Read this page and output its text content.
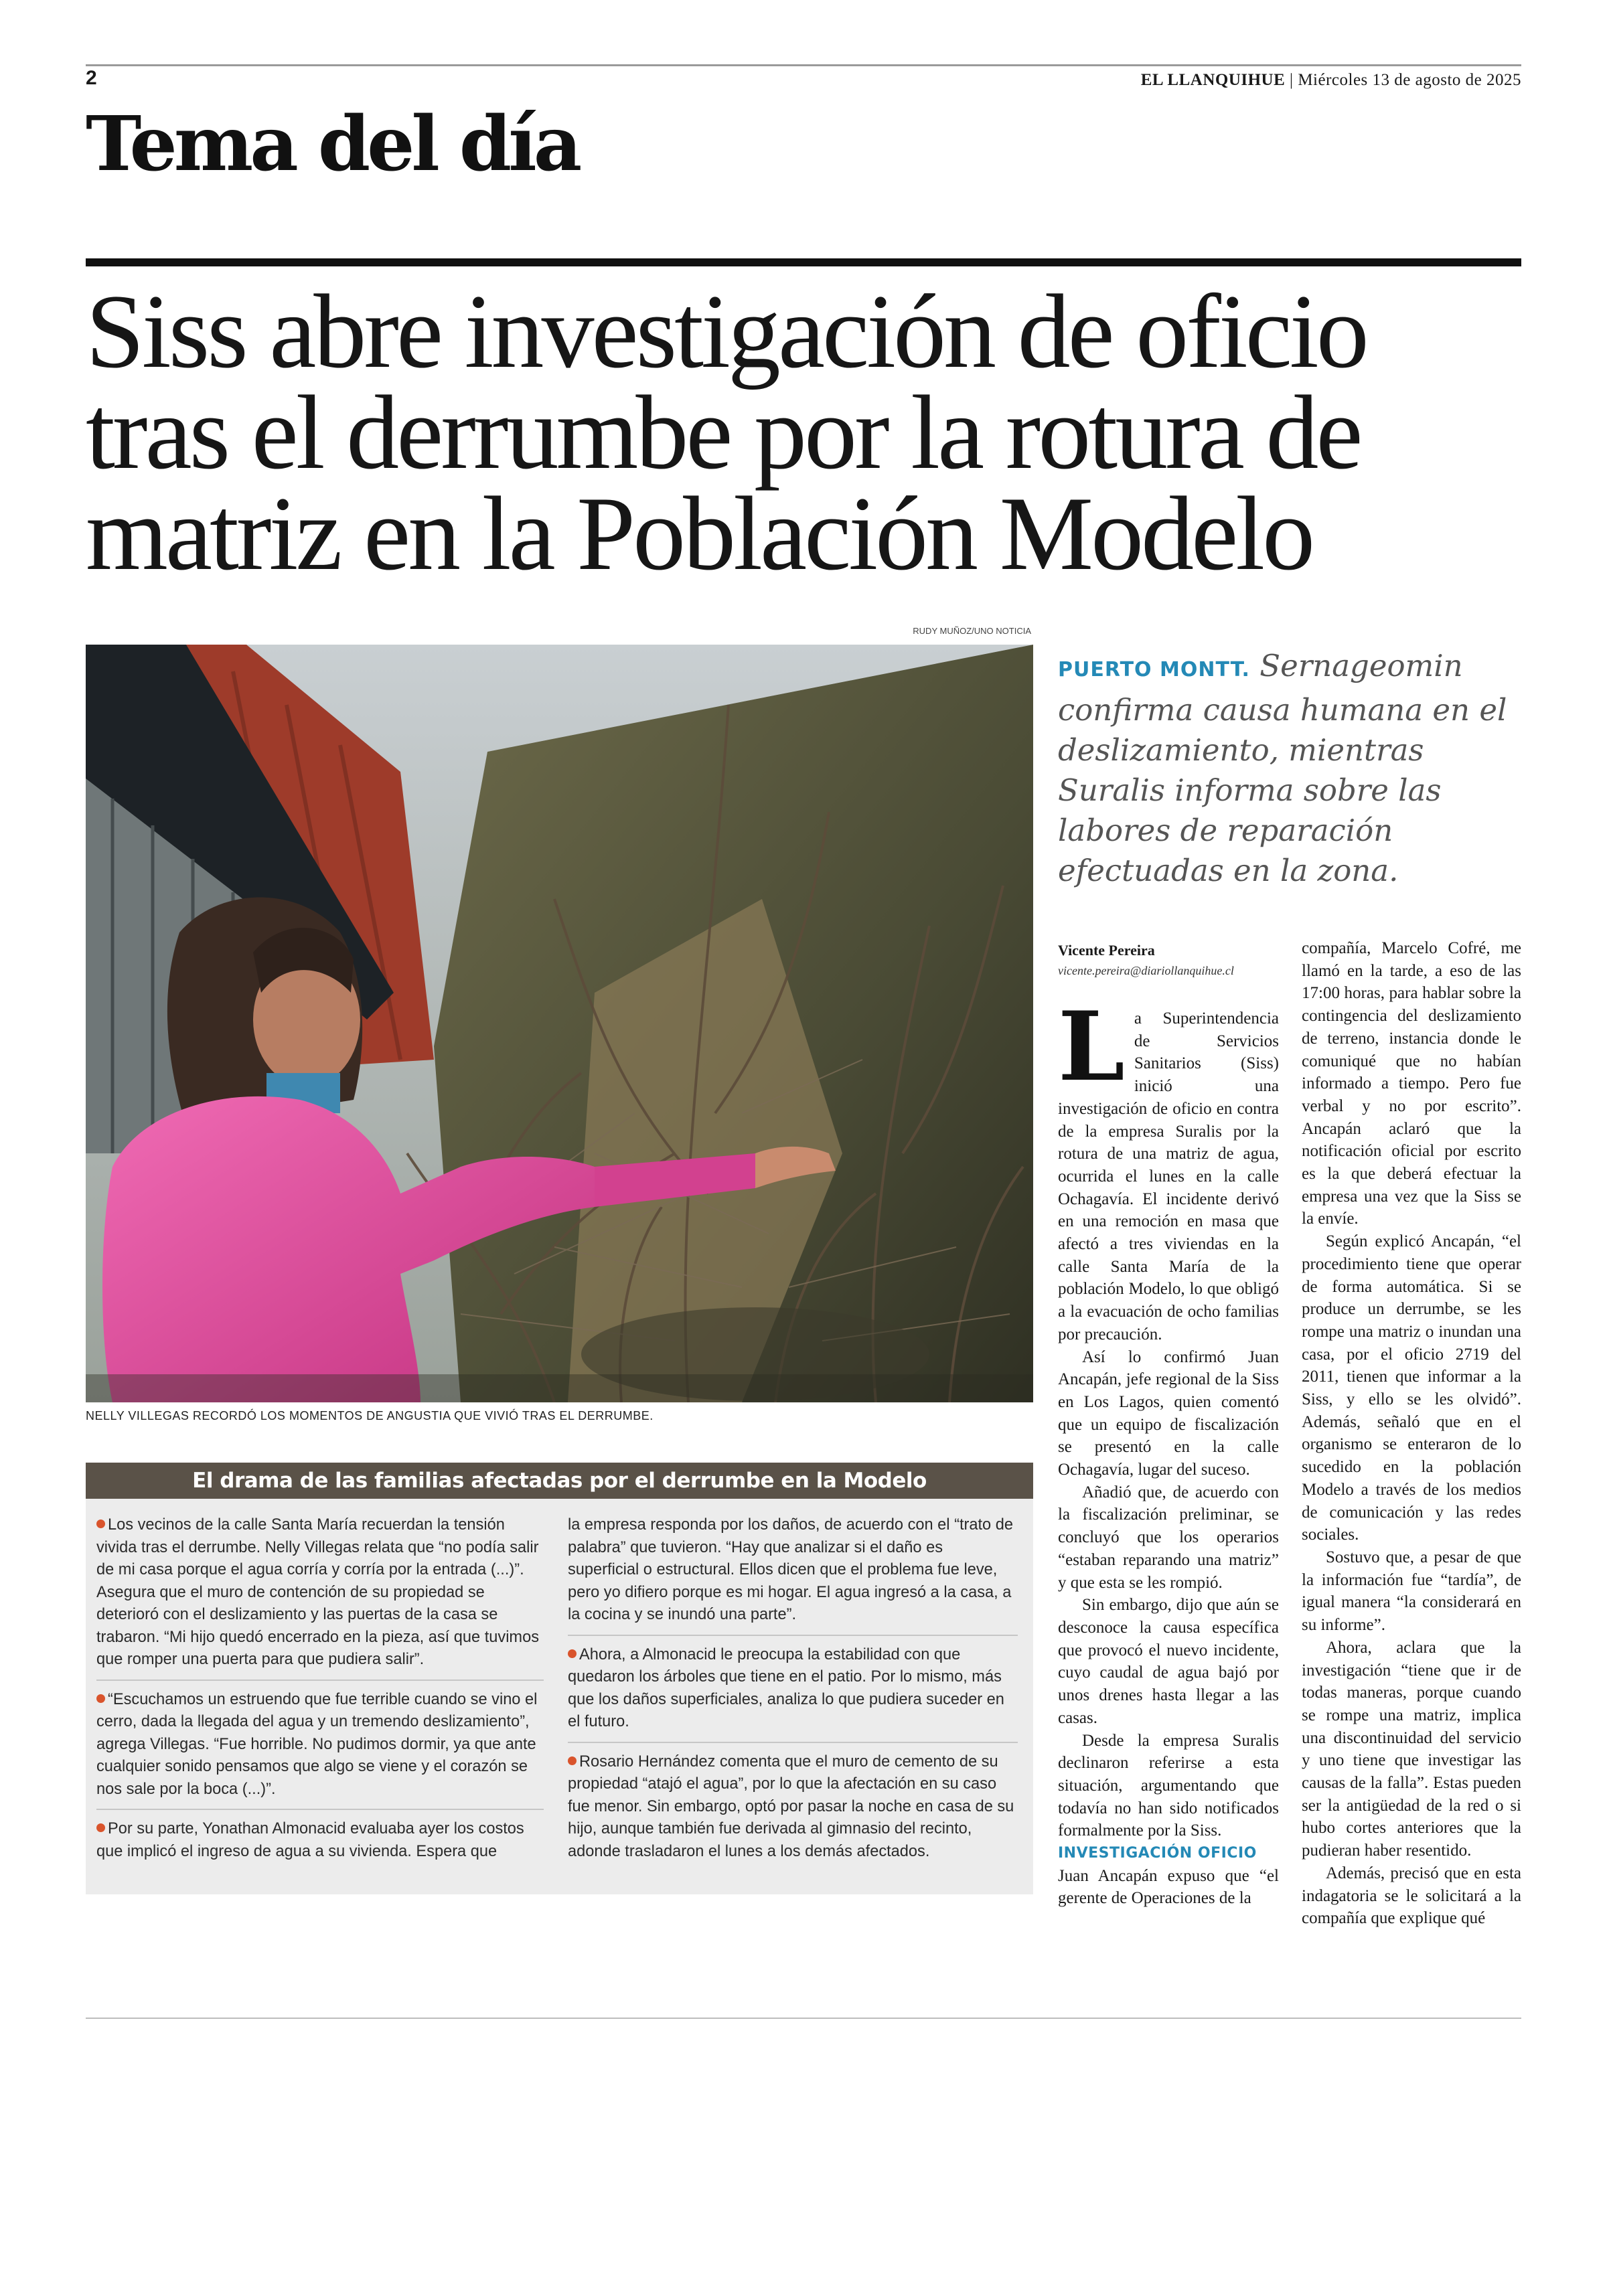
2	EL LLANQUIHUE | Miércoles 13 de agosto de 2025
Tema del día
Siss abre investigación de oficio tras el derrumbe por la rotura de matriz en la Población Modelo
RUDY MUÑOZ/UNO NOTICIA
NELLY VILLEGAS RECORDÓ LOS MOMENTOS DE ANGUSTIA QUE VIVIÓ TRAS EL DERRUMBE.
PUERTO MONTT. Sernageomin confirma causa humana en el deslizamiento, mientras Suralis informa sobre las labores de reparación efectuadas en la zona.
Vicente Pereira
vicente.pereira@diariollanquihue.cl

La Superintendencia de Servicios Sanitarios (Siss) inició una investigación de oficio en contra de la empresa Suralis por la rotura de una matriz de agua, ocurrida el lunes en la calle Ochagavía. El incidente derivó en una remoción en masa que afectó a tres viviendas en la calle Santa María de la población Modelo, lo que obligó a la evacuación de ocho familias por precaución.

Así lo confirmó Juan Ancapán, jefe regional de la Siss en Los Lagos, quien comentó que un equipo de fiscalización se presentó en la calle Ochagavía, lugar del suceso.

Añadió que, de acuerdo con la fiscalización preliminar, se concluyó que los operarios “estaban reparando una matriz” y que esta se les rompió.

Sin embargo, dijo que aún se desconoce la causa específica que provocó el nuevo incidente, cuyo caudal de agua bajó por unos drenes hasta llegar a las casas.

Desde la empresa Suralis declinaron referirse a esta situación, argumentando que todavía no han sido notificados formalmente por la Siss.

INVESTIGACIÓN OFICIO

Juan Ancapán expuso que “el gerente de Operaciones de la

compañía, Marcelo Cofré, me llamó en la tarde, a eso de las 17:00 horas, para hablar sobre la contingencia del deslizamiento de terreno, instancia donde le comuniqué que no habían informado a tiempo. Pero fue verbal y no por escrito”. Ancapán aclaró que la notificación oficial por escrito es la que deberá efectuar la empresa una vez que la Siss se la envíe.

Según explicó Ancapán, “el procedimiento tiene que operar de forma automática. Si se produce un derrumbe, se les rompe una matriz o inundan una casa, por el oficio 2719 del 2011, tienen que informar a la Siss, y ello se les olvidó”. Además, señaló que en el organismo se enteraron de lo sucedido en la población Modelo a través de los medios de comunicación y las redes sociales.

Sostuvo que, a pesar de que la información fue “tardía”, de igual manera “la considerará en su informe”.

Ahora, aclara que la investigación “tiene que ir de todas maneras, porque cuando se rompe una matriz, implica una discontinuidad del servicio y uno tiene que investigar las causas de la falla”. Estas pueden ser la antigüedad de la red o si hubo cortes anteriores que la pudieran haber resentido.

Además, precisó que en esta indagatoria se le solicitará a la compañía que explique qué

El drama de las familias afectadas por el derrumbe en la Modelo

Los vecinos de la calle Santa María recuerdan la tensión vivida tras el derrumbe. Nelly Villegas relata que “no podía salir de mi casa porque el agua corría y corría por la entrada (...)”. Asegura que el muro de contención de su propiedad se deterioró con el deslizamiento y las puertas de la casa se trabaron. “Mi hijo quedó encerrado en la pieza, así que tuvimos que romper una puerta para que pudiera salir”.

“Escuchamos un estruendo que fue terrible cuando se vino el cerro, dada la llegada del agua y un tremendo deslizamiento”, agrega Villegas. “Fue horrible. No pudimos dormir, ya que ante cualquier sonido pensamos que algo se viene y el corazón se nos sale por la boca (...)”.

Por su parte, Yonathan Almonacid evaluaba ayer los costos que implicó el ingreso de agua a su vivienda. Espera que

la empresa responda por los daños, de acuerdo con el “trato de palabra” que tuvieron. “Hay que analizar si el daño es superficial o estructural. Ellos dicen que el problema fue leve, pero yo difiero porque es mi hogar. El agua ingresó a la casa, a la cocina y se inundó una parte”.

Ahora, a Almonacid le preocupa la estabilidad con que quedaron los árboles que tiene en el patio. Por lo mismo, más que los daños superficiales, analiza lo que pudiera suceder en el futuro.

Rosario Hernández comenta que el muro de cemento de su propiedad “atajó el agua”, por lo que la afectación en su caso fue menor. Sin embargo, optó por pasar la noche en casa de su hijo, aunque también fue derivada al gimnasio del recinto, adonde trasladaron el lunes a los demás afectados.
